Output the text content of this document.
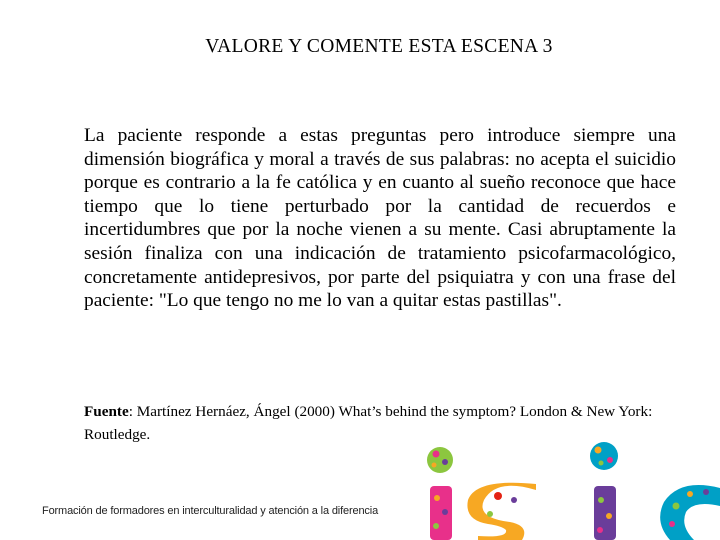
VALORE Y COMENTE ESTA ESCENA 3
La paciente responde a estas preguntas pero introduce siempre una dimensión biográfica y moral a través de sus palabras: no acepta el suicidio porque es contrario a la fe católica y en cuanto al sueño reconoce que hace tiempo que lo tiene perturbado por la cantidad de recuerdos e incertidumbres que por la noche vienen a su mente. Casi abruptamente la sesión finaliza con una indicación de tratamiento psicofarmacológico, concretamente antidepresivos, por parte del psiquiatra y con una frase del paciente: "Lo que tengo no me lo van a quitar estas pastillas".
Fuente: Martínez Hernáez, Ángel (2000) What’s behind the symptom? London & New York: Routledge.
Formación de formadores en interculturalidad y atención a la diferencia
